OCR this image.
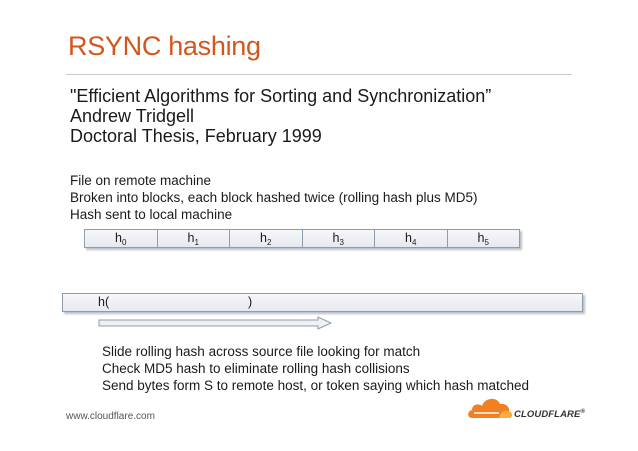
RSYNC hashing
"Efficient Algorithms for Sorting and Synchronization”
Andrew Tridgell
Doctoral Thesis, February 1999
File on remote machine
Broken into blocks, each block hashed twice (rolling hash plus MD5)
Hash sent to local machine
$h_0$	$h_1$	$h_2$	$h_3$	$h_4$	$h_5$
h(	)
Slide rolling hash across source file looking for match
Check MD5 hash to eliminate rolling hash collisions
Send bytes form S to remote host, or token saying which hash matched
www.cloudflare.com	CLOUDFLARE®
